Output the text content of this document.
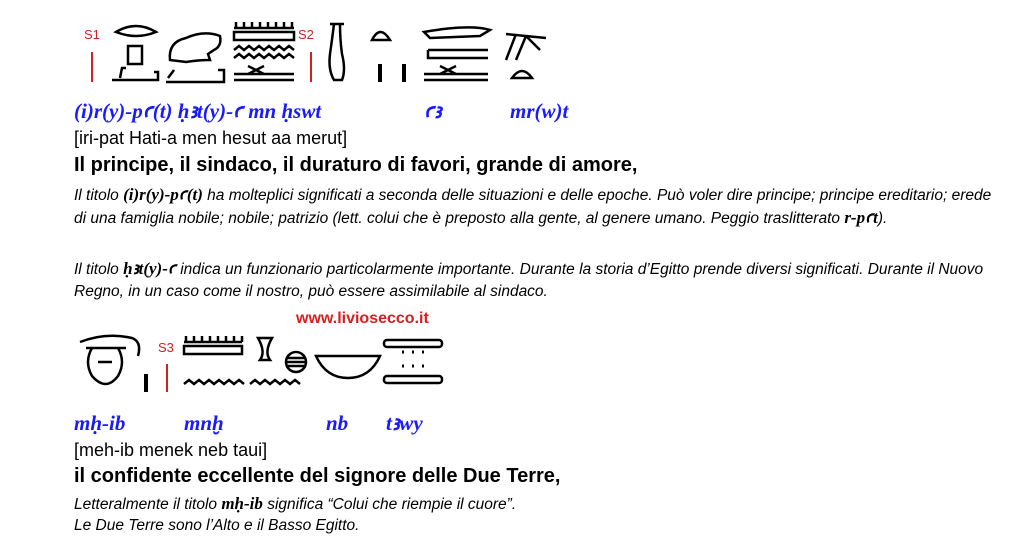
S1	S2
(i)r(y)-pꜥ(t) ḥꜣt(y)-ꜥ mn ḥswt	ꜥꜣ	mr(w)t
[iri-pat Hati-a men hesut aa merut]
Il principe, il sindaco, il duraturo di favori, grande di amore,
Il titolo (i)r(y)-pꜥ(t) ha molteplici significati a seconda delle situazioni e delle epoche. Può voler dire principe; principe ereditario; erede di una famiglia nobile; nobile; patrizio (lett. colui che è preposto alla gente, al genere umano. Peggio traslitterato r-pꜥt).
Il titolo ḥꜣt(y)-ꜥ indica un funzionario particolarmente importante. Durante la storia d’Egitto prende diversi significati. Durante il Nuovo Regno, in un caso come il nostro, può essere assimilabile al sindaco.
www.liviosecco.it
S3
mḥ-ib	mnḫ	nb tꜣwy
[meh-ib menek neb taui]
il confidente eccellente del signore delle Due Terre,
Letteralmente il titolo mḥ-ib significa “Colui che riempie il cuore”.
Le Due Terre sono l’Alto e il Basso Egitto.
